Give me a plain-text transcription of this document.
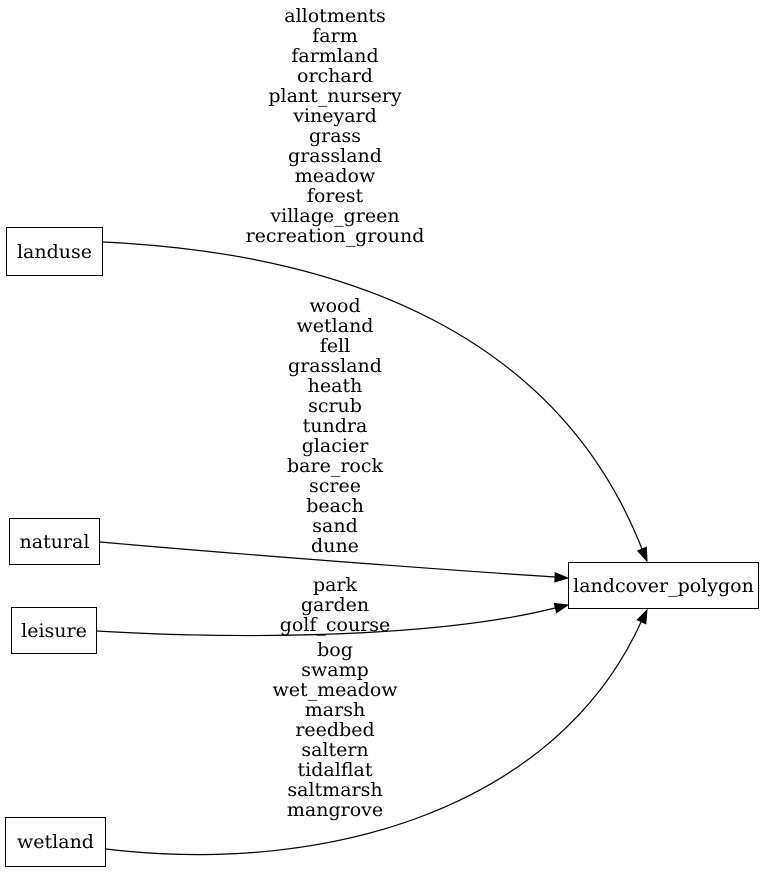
allotments
farm
farmland
orchard
plant_nursery
vineyard
grass
grassland
meadow
forest
village_green
recreation_ground
wood
wetland
fell
grassland
heath
scrub
tundra
glacier
bare_rock
scree
beach
sand
dune
park
garden
golf_course
bog
swamp
wet_meadow
marsh
reedbed
saltern
tidalflat
saltmarsh
mangrove
landuse
natural
leisure
wetland
landcover_polygon
